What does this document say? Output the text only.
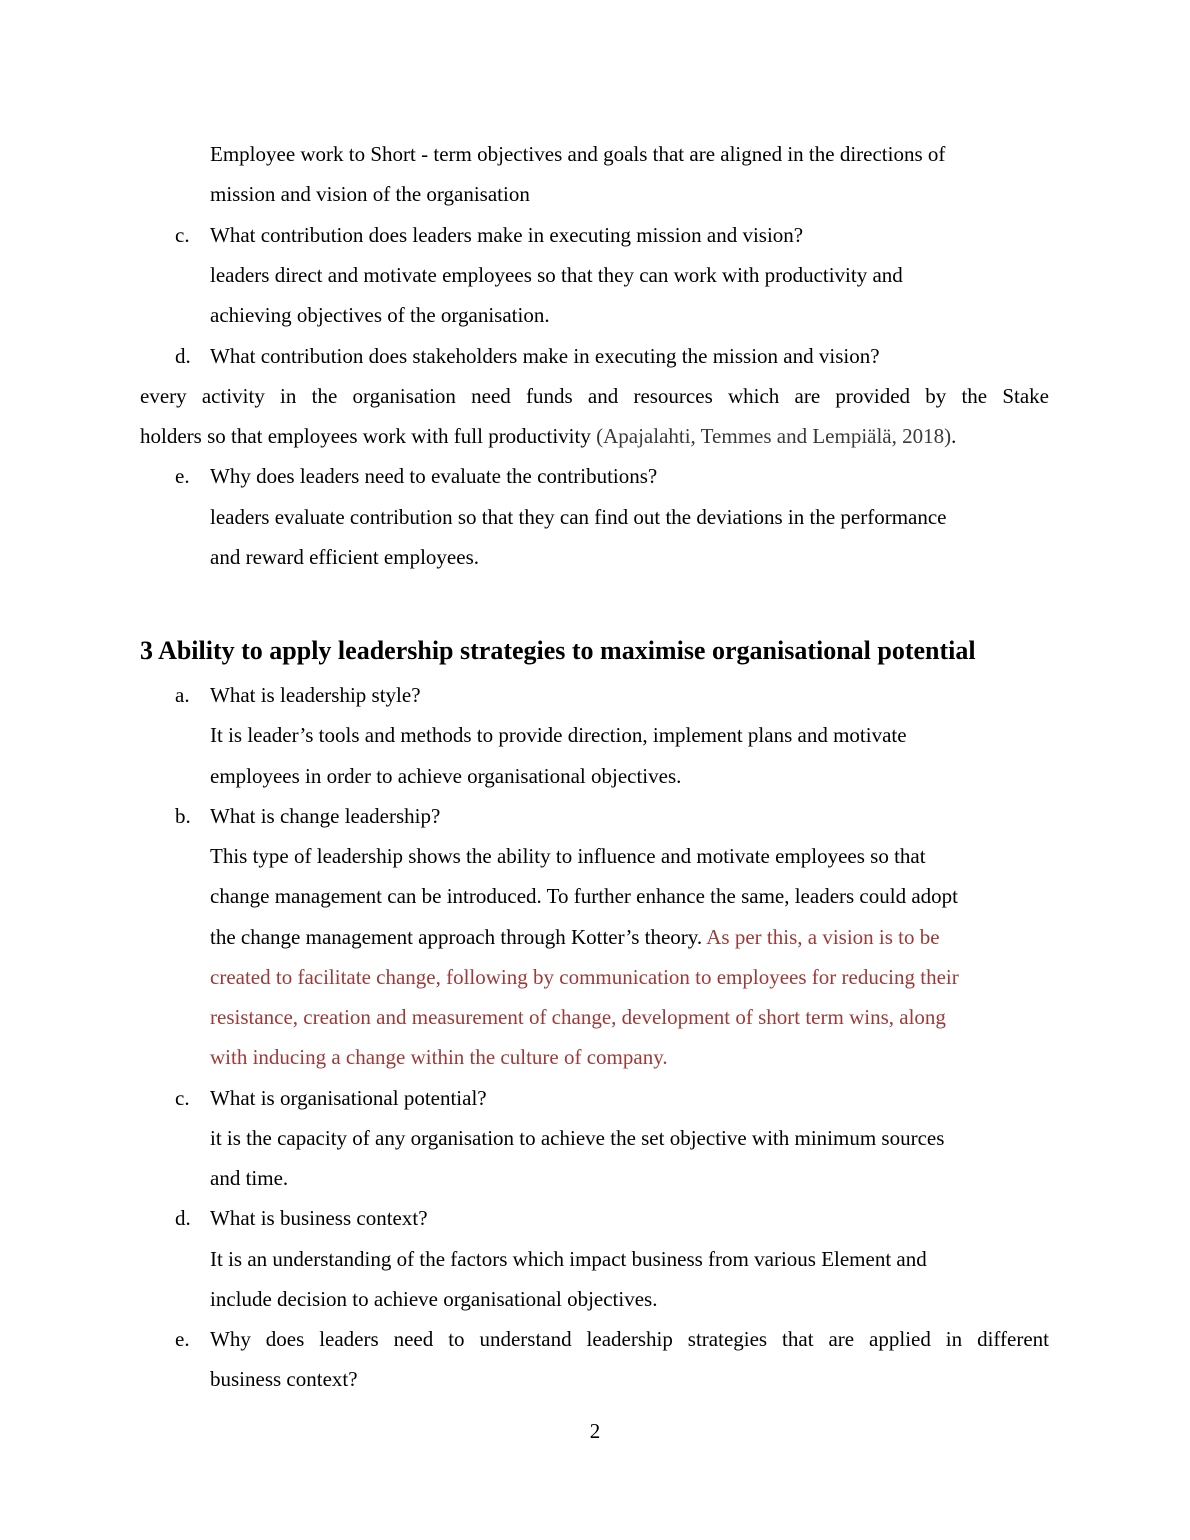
Employee work to Short - term objectives and goals that are aligned in the directions of
mission and vision of the organisation
c. What contribution does leaders make in executing mission and vision?
leaders direct and motivate employees so that they can work with productivity and
achieving objectives of the organisation.
d. What contribution does stakeholders make in executing the mission and vision?
every activity in the organisation need funds and resources which are provided by the Stake
holders so that employees work with full productivity (Apajalahti, Temmes and Lempiälä, 2018).
e. Why does leaders need to evaluate the contributions?
leaders evaluate contribution so that they can find out the deviations in the performance
and reward efficient employees.
3 Ability to apply leadership strategies to maximise organisational potential
a. What is leadership style?
It is leader’s tools and methods to provide direction, implement plans and motivate
employees in order to achieve organisational objectives.
b. What is change leadership?
This type of leadership shows the ability to influence and motivate employees so that
change management can be introduced. To further enhance the same, leaders could adopt
the change management approach through Kotter’s theory. As per this, a vision is to be
created to facilitate change, following by communication to employees for reducing their
resistance, creation and measurement of change, development of short term wins, along
with inducing a change within the culture of company.
c. What is organisational potential?
it is the capacity of any organisation to achieve the set objective with minimum sources
and time.
d. What is business context?
It is an understanding of the factors which impact business from various Element and
include decision to achieve organisational objectives.
e. Why does leaders need to understand leadership strategies that are applied in different
business context?
2
